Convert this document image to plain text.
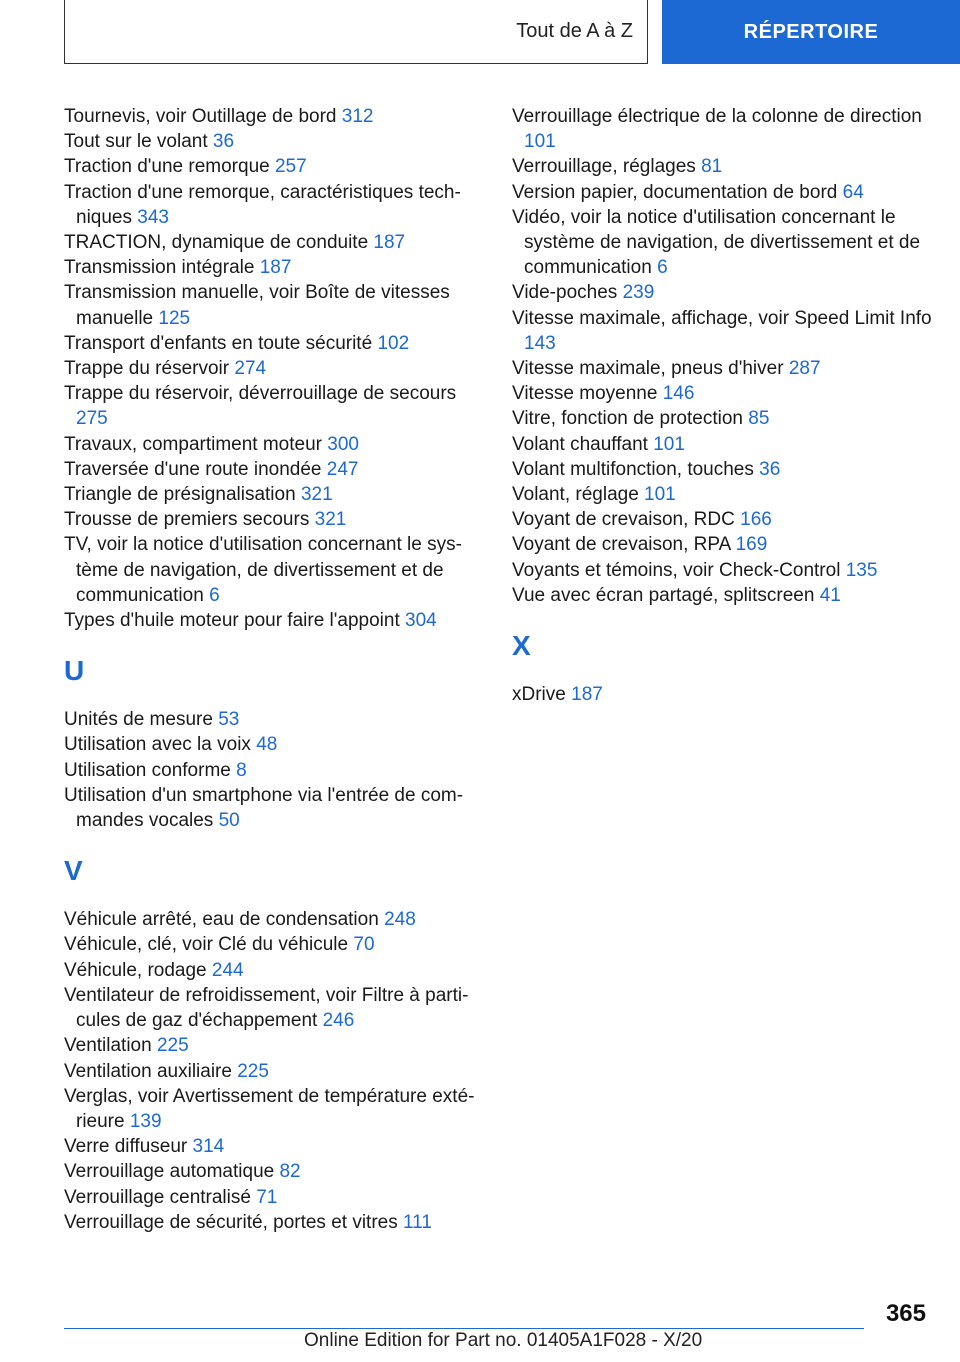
Tout de A à Z	RÉPERTOIRE
Tournevis, voir Outillage de bord 312
Tout sur le volant 36
Traction d'une remorque 257
Traction d'une remorque, caractéristiques techniques 343
TRACTION, dynamique de conduite 187
Transmission intégrale 187
Transmission manuelle, voir Boîte de vitesses manuelle 125
Transport d'enfants en toute sécurité 102
Trappe du réservoir 274
Trappe du réservoir, déverrouillage de secours 275
Travaux, compartiment moteur 300
Traversée d'une route inondée 247
Triangle de présignalisation 321
Trousse de premiers secours 321
TV, voir la notice d'utilisation concernant le système de navigation, de divertissement et de communication 6
Types d'huile moteur pour faire l'appoint 304
U
Unités de mesure 53
Utilisation avec la voix 48
Utilisation conforme 8
Utilisation d'un smartphone via l'entrée de commandes vocales 50
V
Véhicule arrêté, eau de condensation 248
Véhicule, clé, voir Clé du véhicule 70
Véhicule, rodage 244
Ventilateur de refroidissement, voir Filtre à particules de gaz d'échappement 246
Ventilation 225
Ventilation auxiliaire 225
Verglas, voir Avertissement de température extérieure 139
Verre diffuseur 314
Verrouillage automatique 82
Verrouillage centralisé 71
Verrouillage de sécurité, portes et vitres 111
Verrouillage électrique de la colonne de direction 101
Verrouillage, réglages 81
Version papier, documentation de bord 64
Vidéo, voir la notice d'utilisation concernant le système de navigation, de divertissement et de communication 6
Vide-poches 239
Vitesse maximale, affichage, voir Speed Limit Info 143
Vitesse maximale, pneus d'hiver 287
Vitesse moyenne 146
Vitre, fonction de protection 85
Volant chauffant 101
Volant multifonction, touches 36
Volant, réglage 101
Voyant de crevaison, RDC 166
Voyant de crevaison, RPA 169
Voyants et témoins, voir Check-Control 135
Vue avec écran partagé, splitscreen 41
X
xDrive 187
365
Online Edition for Part no. 01405A1F028 - X/20
